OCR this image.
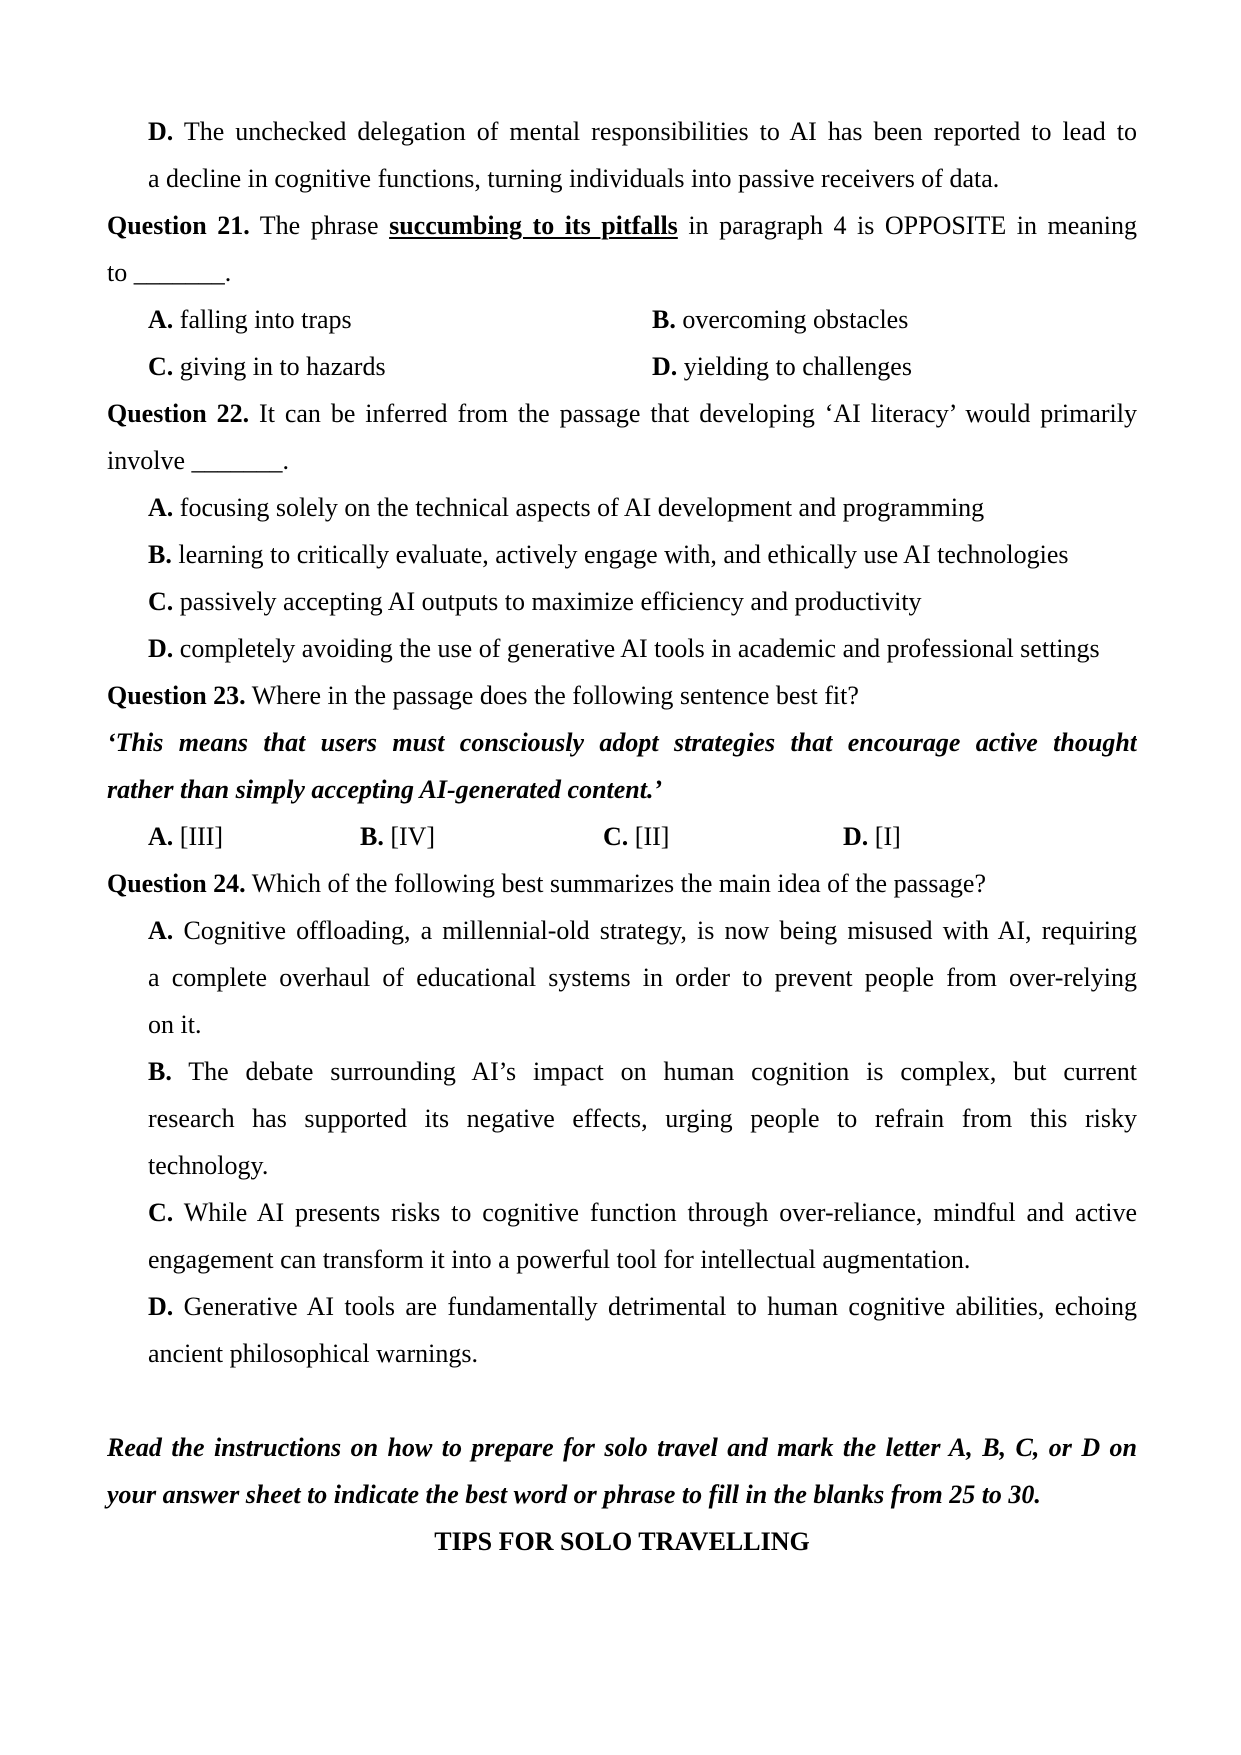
D. The unchecked delegation of mental responsibilities to AI has been reported to lead to
a decline in cognitive functions, turning individuals into passive receivers of data.
Question 21. The phrase succumbing to its pitfalls in paragraph 4 is OPPOSITE in meaning
to _______.
A. falling into traps	B. overcoming obstacles
C. giving in to hazards	D. yielding to challenges
Question 22. It can be inferred from the passage that developing ‘AI literacy’ would primarily
involve _______.
A. focusing solely on the technical aspects of AI development and programming
B. learning to critically evaluate, actively engage with, and ethically use AI technologies
C. passively accepting AI outputs to maximize efficiency and productivity
D. completely avoiding the use of generative AI tools in academic and professional settings
Question 23. Where in the passage does the following sentence best fit?
‘This means that users must consciously adopt strategies that encourage active thought
rather than simply accepting AI-generated content.’
A. [III]	B. [IV]	C. [II]	D. [I]
Question 24. Which of the following best summarizes the main idea of the passage?
A. Cognitive offloading, a millennial-old strategy, is now being misused with AI, requiring
a complete overhaul of educational systems in order to prevent people from over-relying
on it.
B. The debate surrounding AI’s impact on human cognition is complex, but current
research has supported its negative effects, urging people to refrain from this risky
technology.
C. While AI presents risks to cognitive function through over-reliance, mindful and active
engagement can transform it into a powerful tool for intellectual augmentation.
D. Generative AI tools are fundamentally detrimental to human cognitive abilities, echoing
ancient philosophical warnings.
Read the instructions on how to prepare for solo travel and mark the letter A, B, C, or D on
your answer sheet to indicate the best word or phrase to fill in the blanks from 25 to 30.
TIPS FOR SOLO TRAVELLING
